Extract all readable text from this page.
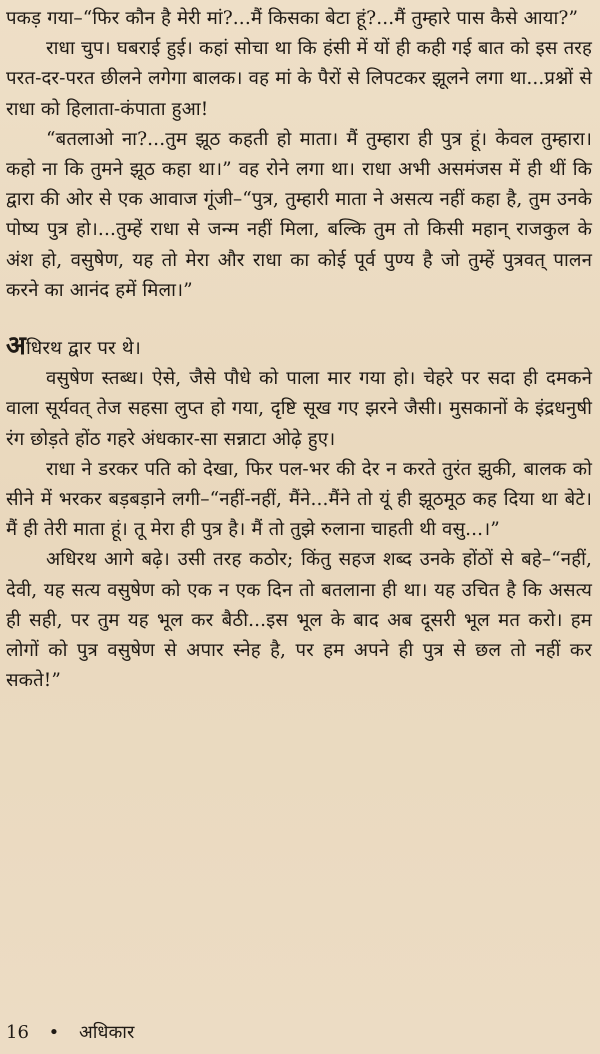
पकड़ गया–“फिर कौन है मेरी मां?...मैं किसका बेटा हूं?...मैं तुम्हारे पास कैसे आया?”

राधा चुप। घबराई हुई। कहां सोचा था कि हंसी में यों ही कही गई बात को इस तरह परत-दर-परत छीलने लगेगा बालक। वह मां के पैरों से लिपटकर झूलने लगा था...प्रश्नों से राधा को हिलाता-कंपाता हुआ!

“बतलाओ ना?...तुम झूठ कहती हो माता। मैं तुम्हारा ही पुत्र हूं। केवल तुम्हारा। कहो ना कि तुमने झूठ कहा था।” वह रोने लगा था। राधा अभी असमंजस में ही थीं कि द्वारा की ओर से एक आवाज गूंजी–“पुत्र, तुम्हारी माता ने असत्य नहीं कहा है, तुम उनके पोष्य पुत्र हो।...तुम्हें राधा से जन्म नहीं मिला, बल्कि तुम तो किसी महान् राजकुल के अंश हो, वसुषेण, यह तो मेरा और राधा का कोई पूर्व पुण्य है जो तुम्हें पुत्रवत् पालन करने का आनंद हमें मिला।”

अधिरथ द्वार पर थे।

वसुषेण स्तब्ध। ऐसे, जैसे पौधे को पाला मार गया हो। चेहरे पर सदा ही दमकने वाला सूर्यवत् तेज सहसा लुप्त हो गया, दृष्टि सूख गए झरने जैसी। मुसकानों के इंद्रधनुषी रंग छोड़ते होंठ गहरे अंधकार-सा सन्नाटा ओढ़े हुए।

राधा ने डरकर पति को देखा, फिर पल-भर की देर न करते तुरंत झुकी, बालक को सीने में भरकर बड़बड़ाने लगी–“नहीं-नहीं, मैंने...मैंने तो यूं ही झूठमूठ कह दिया था बेटे। मैं ही तेरी माता हूं। तू मेरा ही पुत्र है। मैं तो तुझे रुलाना चाहती थी वसु...।”

अधिरथ आगे बढ़े। उसी तरह कठोर; किंतु सहज शब्द उनके होंठों से बहे–“नहीं, देवी, यह सत्य वसुषेण को एक न एक दिन तो बतलाना ही था। यह उचित है कि असत्य ही सही, पर तुम यह भूल कर बैठी...इस भूल के बाद अब दूसरी भूल मत करो। हम लोगों को पुत्र वसुषेण से अपार स्नेह है, पर हम अपने ही पुत्र से छल तो नहीं कर सकते!”

16 • अधिकार
